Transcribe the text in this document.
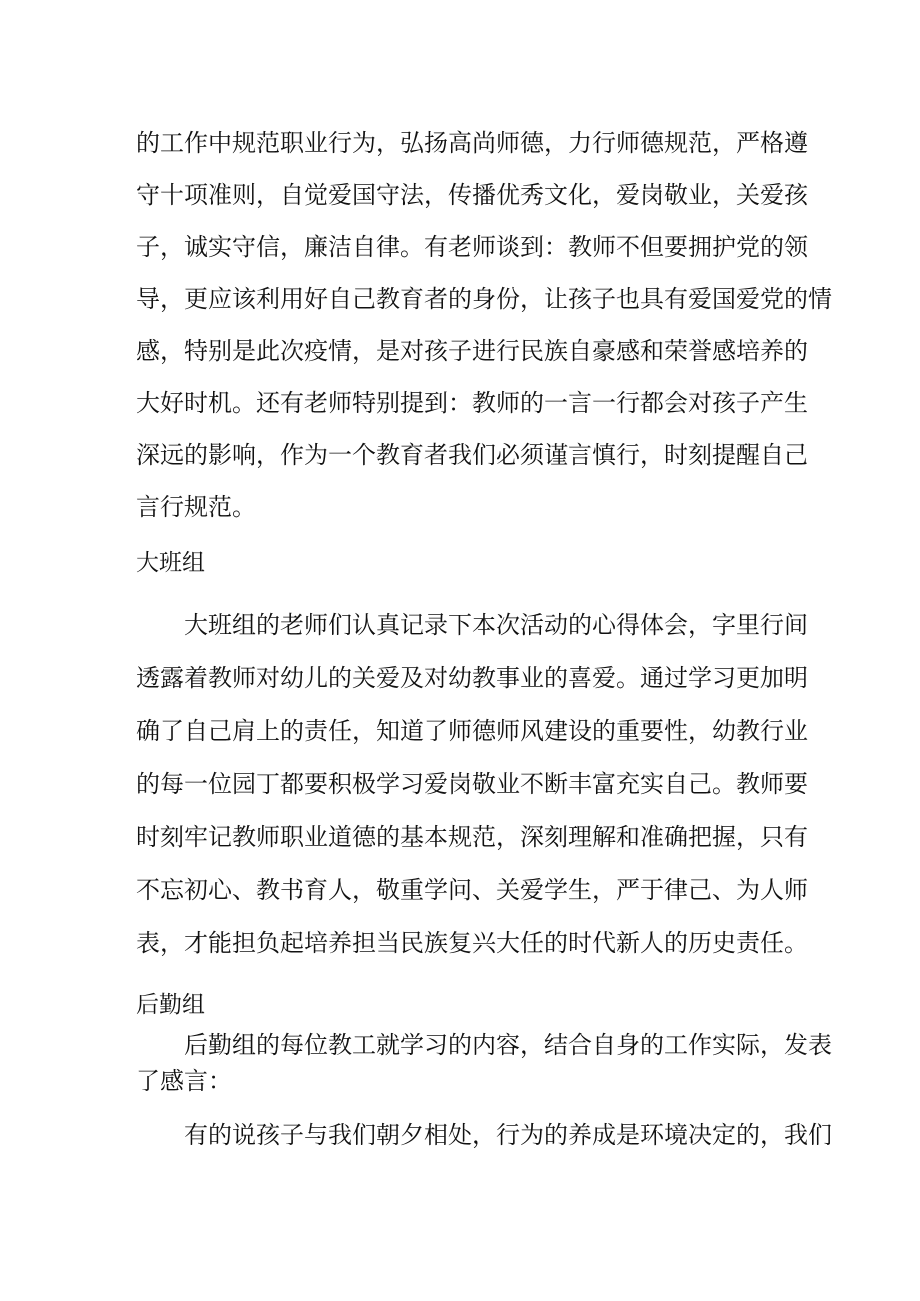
的工作中规范职业行为，弘扬高尚师德，力行师德规范，严格遵
守十项准则，自觉爱国守法，传播优秀文化，爱岗敬业，关爱孩
子，诚实守信，廉洁自律。有老师谈到：教师不但要拥护党的领
导，更应该利用好自己教育者的身份，让孩子也具有爱国爱党的情
感，特别是此次疫情，是对孩子进行民族自豪感和荣誉感培养的
大好时机。还有老师特别提到：教师的一言一行都会对孩子产生
深远的影响，作为一个教育者我们必须谨言慎行，时刻提醒自己
言行规范。
大班组
大班组的老师们认真记录下本次活动的心得体会，字里行间
透露着教师对幼儿的关爱及对幼教事业的喜爱。通过学习更加明
确了自己肩上的责任，知道了师德师风建设的重要性，幼教行业
的每一位园丁都要积极学习爱岗敬业不断丰富充实自己。教师要
时刻牢记教师职业道德的基本规范，深刻理解和准确把握，只有
不忘初心、教书育人，敬重学问、关爱学生，严于律己、为人师
表，才能担负起培养担当民族复兴大任的时代新人的历史责任。
后勤组
后勤组的每位教工就学习的内容，结合自身的工作实际，发表
了感言：
有的说孩子与我们朝夕相处，行为的养成是环境决定的，我们
